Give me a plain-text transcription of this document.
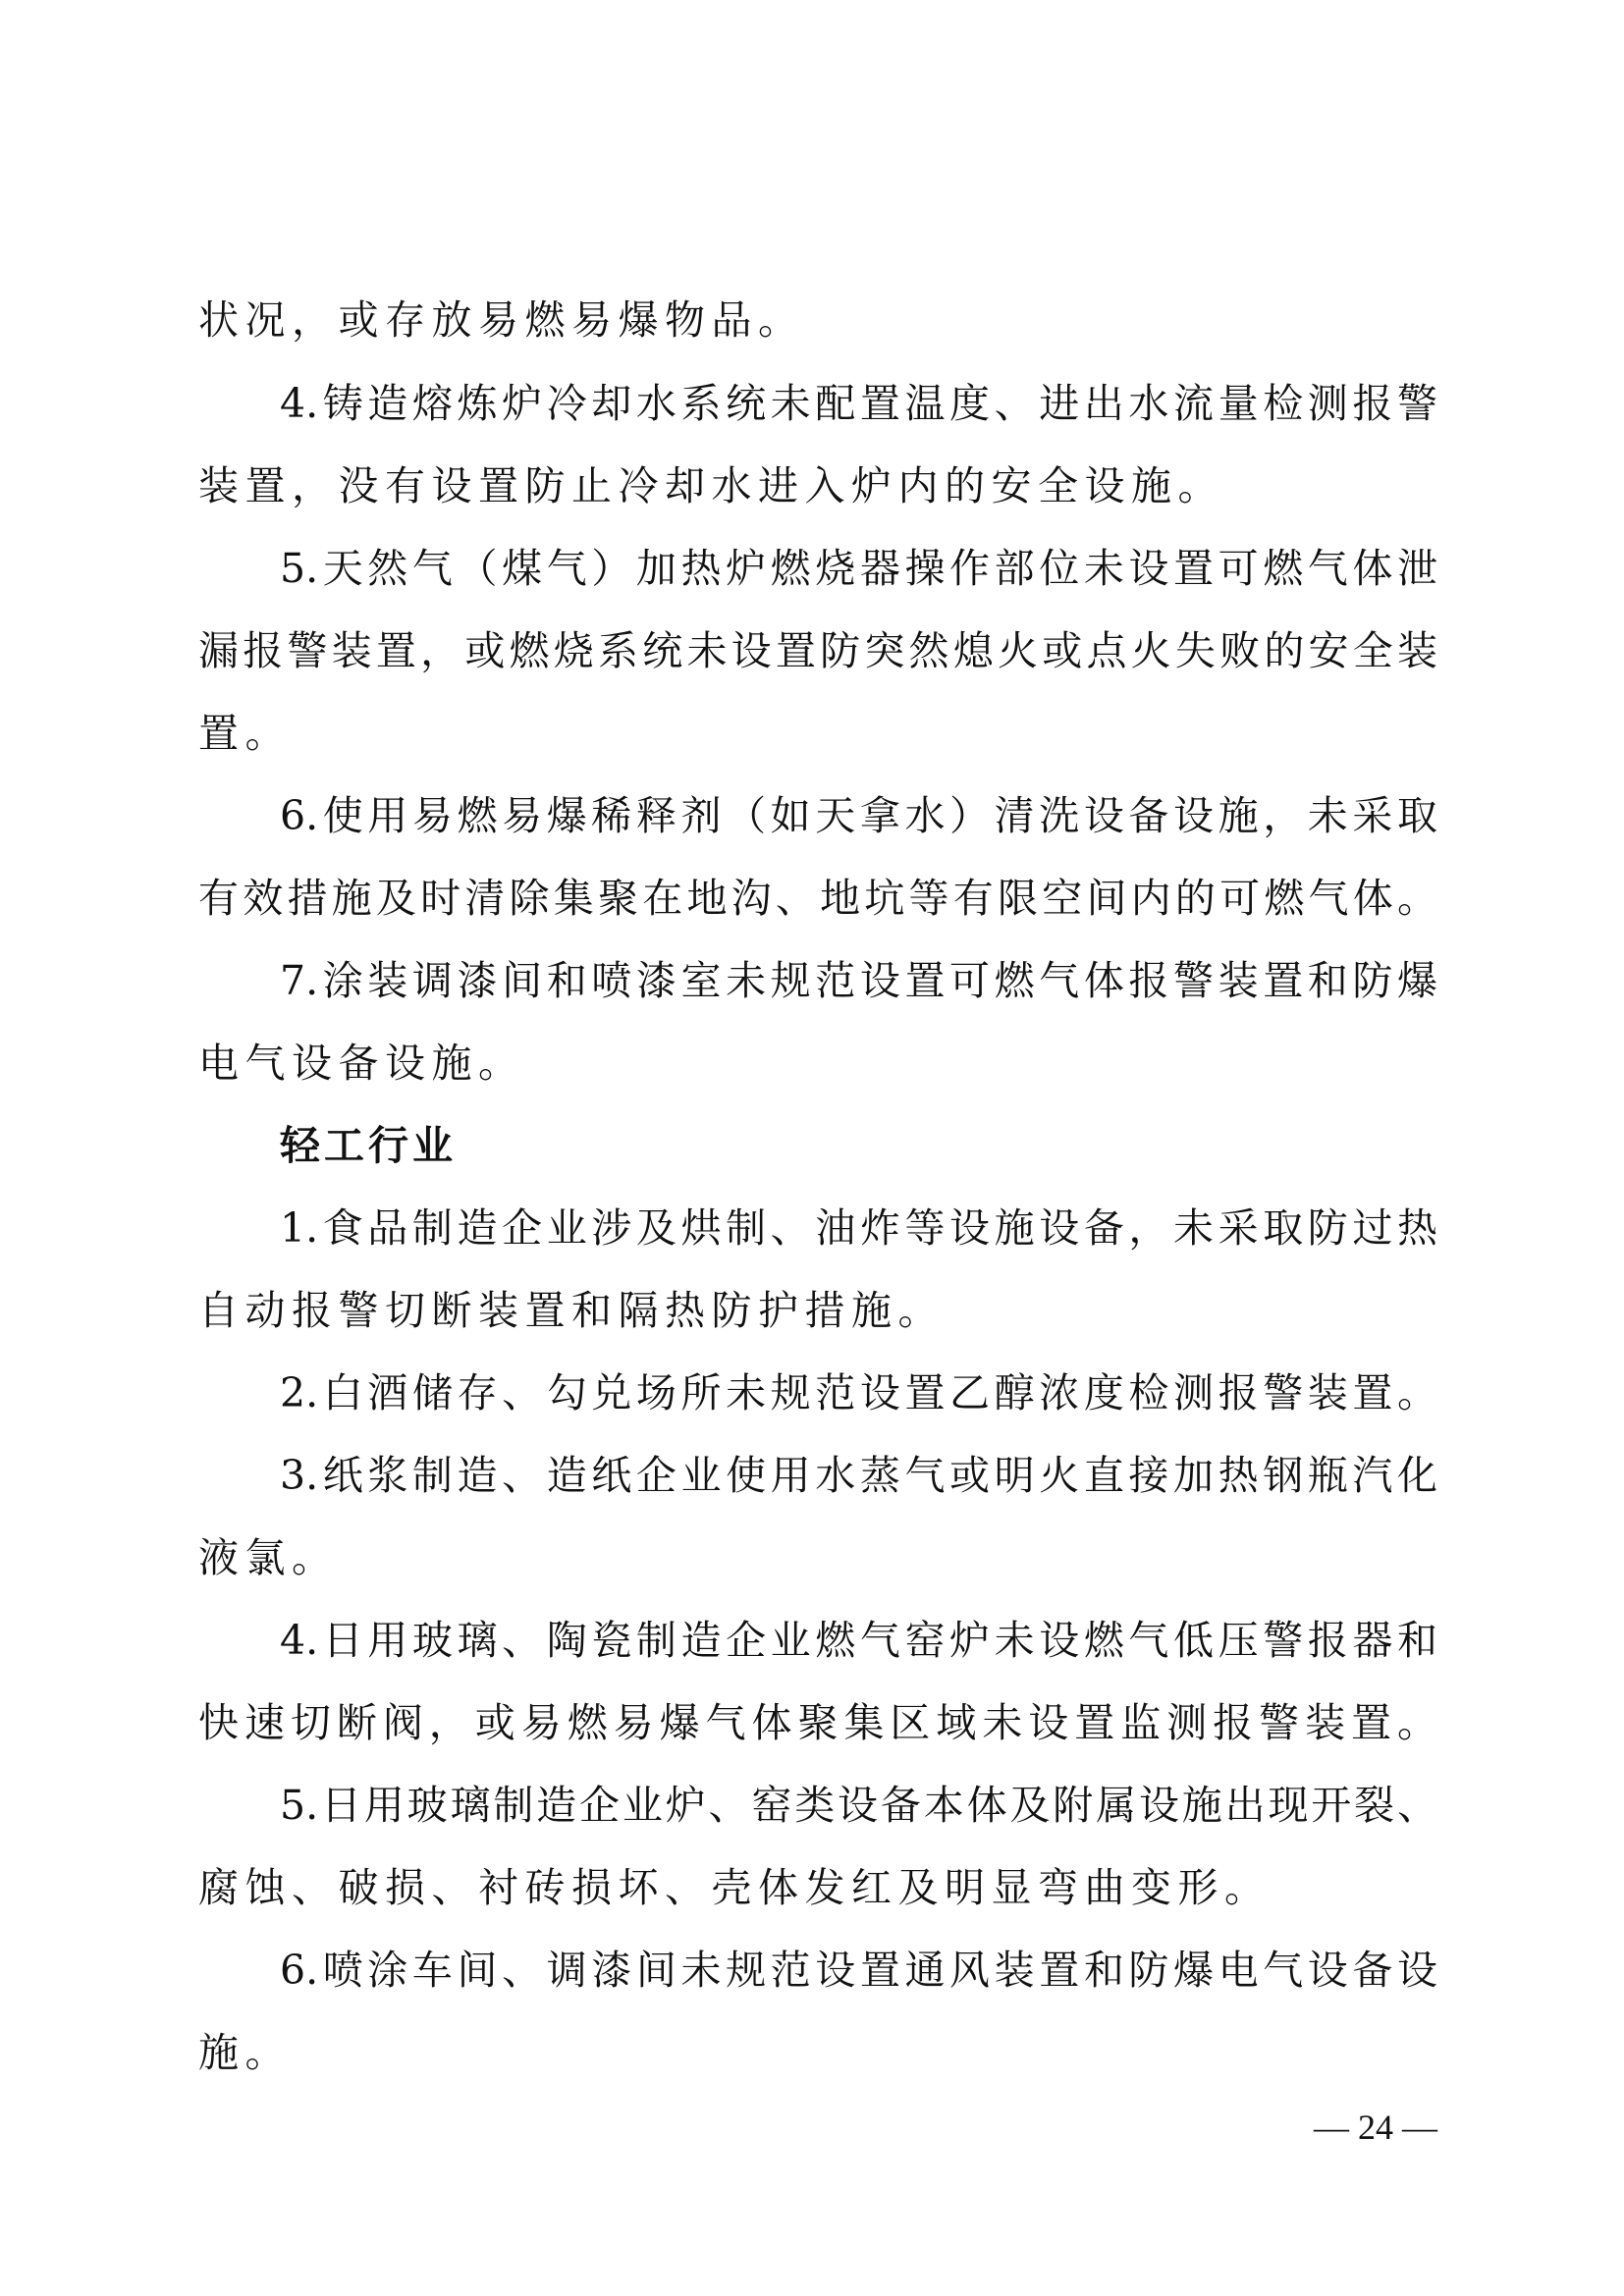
状况，或存放易燃易爆物品。
4.铸造熔炼炉冷却水系统未配置温度、进出水流量检测报警
装置，没有设置防止冷却水进入炉内的安全设施。
5.天然气（煤气）加热炉燃烧器操作部位未设置可燃气体泄
漏报警装置，或燃烧系统未设置防突然熄火或点火失败的安全装
置。
6.使用易燃易爆稀释剂（如天拿水）清洗设备设施，未采取
有效措施及时清除集聚在地沟、地坑等有限空间内的可燃气体。
7.涂装调漆间和喷漆室未规范设置可燃气体报警装置和防爆
电气设备设施。
轻工行业
1.食品制造企业涉及烘制、油炸等设施设备，未采取防过热
自动报警切断装置和隔热防护措施。
2.白酒储存、勾兑场所未规范设置乙醇浓度检测报警装置。
3.纸浆制造、造纸企业使用水蒸气或明火直接加热钢瓶汽化
液氯。
4.日用玻璃、陶瓷制造企业燃气窑炉未设燃气低压警报器和
快速切断阀，或易燃易爆气体聚集区域未设置监测报警装置。
5.日用玻璃制造企业炉、窑类设备本体及附属设施出现开裂、
腐蚀、破损、衬砖损坏、壳体发红及明显弯曲变形。
6.喷涂车间、调漆间未规范设置通风装置和防爆电气设备设
施。
— 24 —
